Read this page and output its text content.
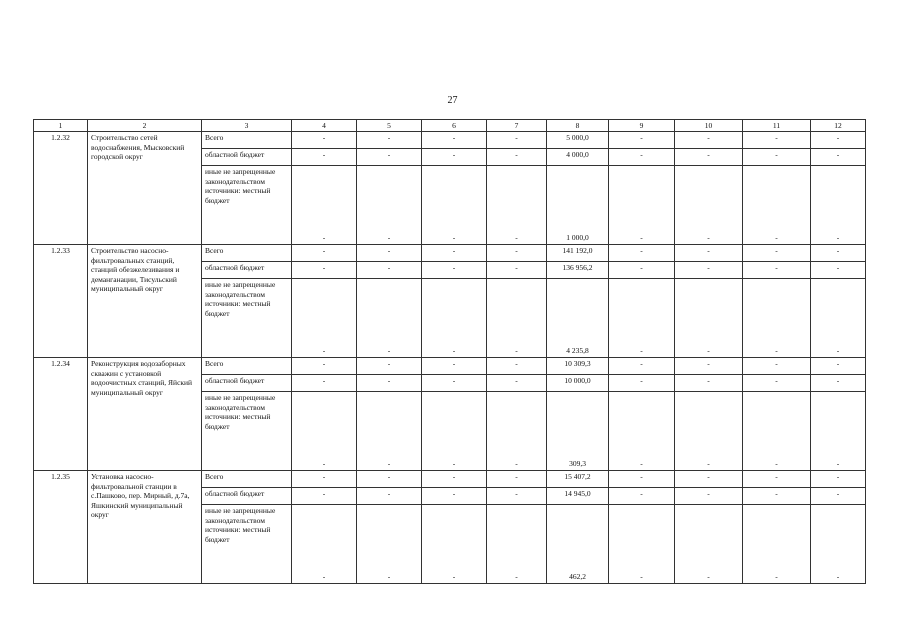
27
1	2	3	4	5	6	7	8	9	10	11	12
1.2.32	Строительство сетей водоснабжения, Мысковский городской округ	Всего	-	-	-	-	5 000,0	-	-	-	-
		областной бюджет	-	-	-	-	4 000,0	-	-	-	-
		иные не запрещенные законодательством источники: местный бюджет	-	-	-	-	1 000,0	-	-	-	-
1.2.33	Строительство насосно-фильтровальных станций, станций обезжелезивания и деманганации, Тисульский муниципальный округ	Всего	-	-	-	-	141 192,0	-	-	-	-
		областной бюджет	-	-	-	-	136 956,2	-	-	-	-
		иные не запрещенные законодательством источники: местный бюджет	-	-	-	-	4 235,8	-	-	-	-
1.2.34	Реконструкция водозаборных скважин с установкой водоочистных станций, Яйский муниципальный округ	Всего	-	-	-	-	10 309,3	-	-	-	-
		областной бюджет	-	-	-	-	10 000,0	-	-	-	-
		иные не запрещенные законодательством источники: местный бюджет	-	-	-	-	309,3	-	-	-	-
1.2.35	Установка насосно-фильтровальной станции в с.Пашково, пер. Мирный, д.7а, Яшкинский муниципальный округ	Всего	-	-	-	-	15 407,2	-	-	-	-
		областной бюджет	-	-	-	-	14 945,0	-	-	-	-
		иные не запрещенные законодательством источники: местный бюджет	-	-	-	-	462,2	-	-	-	-
